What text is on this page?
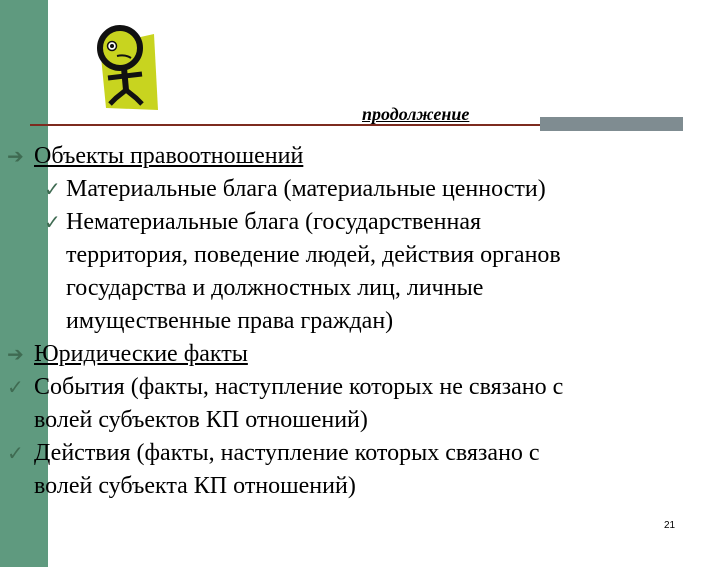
продолжение
➔ Объекты правоотношений
✓ Материальные блага (материальные ценности)
✓ Нематериальные блага (государственная
территория, поведение людей, действия органов
государства и должностных лиц, личные
имущественные права граждан)
➔ Юридические факты
✓ События (факты, наступление которых не связано с
волей субъектов КП отношений)
✓ Действия (факты, наступление которых связано с
волей субъекта КП отношений)
21
